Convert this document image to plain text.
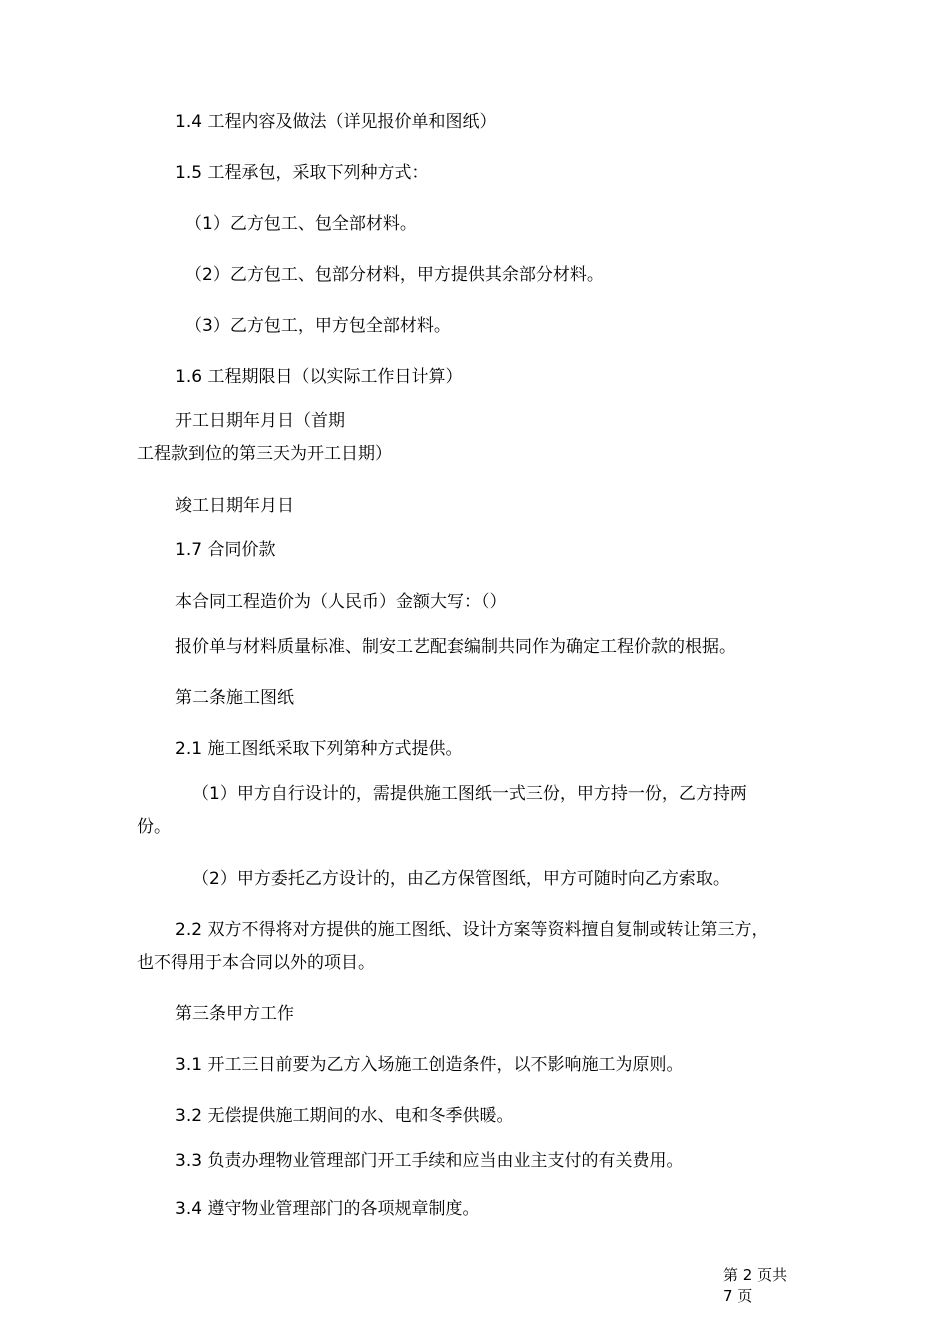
1.4 工程内容及做法（详见报价单和图纸）

1.5 工程承包，采取下列种方式：

（1）乙方包工、包全部材料。

（2）乙方包工、包部分材料，甲方提供其余部分材料。

（3）乙方包工，甲方包全部材料。

1.6 工程期限日（以实际工作日计算）

开工日期年月日（首期

工程款到位的第三天为开工日期）

竣工日期年月日

1.7 合同价款

本合同工程造价为（人民币）金额大写：（）

报价单与材料质量标准、制安工艺配套编制共同作为确定工程价款的根据。

第二条施工图纸

2.1 施工图纸采取下列第种方式提供。

（1）甲方自行设计的，需提供施工图纸一式三份，甲方持一份，乙方持两

份。

（2）甲方委托乙方设计的，由乙方保管图纸，甲方可随时向乙方索取。

2.2 双方不得将对方提供的施工图纸、设计方案等资料擅自复制或转让第三方，

也不得用于本合同以外的项目。

第三条甲方工作

3.1 开工三日前要为乙方入场施工创造条件，以不影响施工为原则。

3.2 无偿提供施工期间的水、电和冬季供暖。

3.3 负责办理物业管理部门开工手续和应当由业主支付的有关费用。

3.4 遵守物业管理部门的各项规章制度。

第 2 页共
7 页
